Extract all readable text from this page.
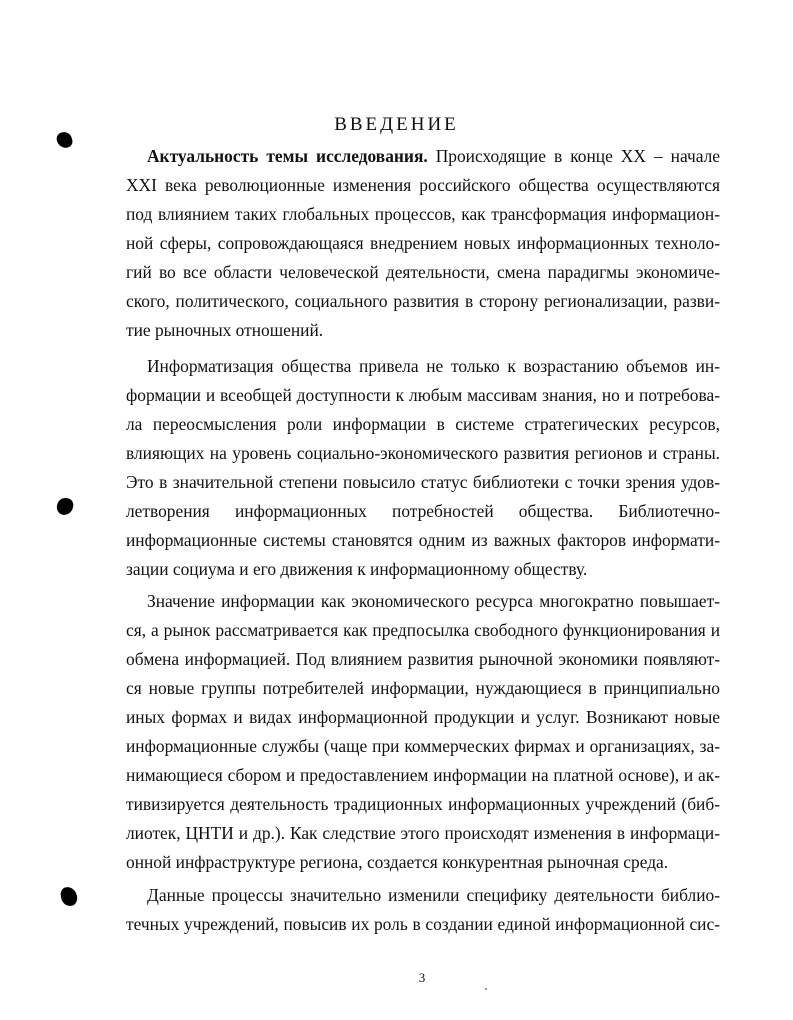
ВВЕДЕНИЕ
Актуальность темы исследования. Происходящие в конце ХХ – начале
XXI века революционные изменения российского общества осуществляются
под влиянием таких глобальных процессов, как трансформация информацион-
ной сферы, сопровождающаяся внедрением новых информационных техноло-
гий во все области человеческой деятельности, смена парадигмы экономиче-
ского, политического, социального развития в сторону регионализации, разви-
тие рыночных отношений.
Информатизация общества привела не только к возрастанию объемов ин-
формации и всеобщей доступности к любым массивам знания, но и потребова-
ла переосмысления роли информации в системе стратегических ресурсов,
влияющих на уровень социально-экономического развития регионов и страны.
Это в значительной степени повысило статус библиотеки с точки зрения удов-
летворения информационных потребностей общества. Библиотечно-
информационные системы становятся одним из важных факторов информати-
зации социума и его движения к информационному обществу.
Значение информации как экономического ресурса многократно повышает-
ся, а рынок рассматривается как предпосылка свободного функционирования и
обмена информацией. Под влиянием развития рыночной экономики появляют-
ся новые группы потребителей информации, нуждающиеся в принципиально
иных формах и видах информационной продукции и услуг. Возникают новые
информационные службы (чаще при коммерческих фирмах и организациях, за-
нимающиеся сбором и предоставлением информации на платной основе), и ак-
тивизируется деятельность традиционных информационных учреждений (биб-
лиотек, ЦНТИ и др.). Как следствие этого происходят изменения в информаци-
онной инфраструктуре региона, создается конкурентная рыночная среда.
Данные процессы значительно изменили специфику деятельности библио-
течных учреждений, повысив их роль в создании единой информационной сис-
3
